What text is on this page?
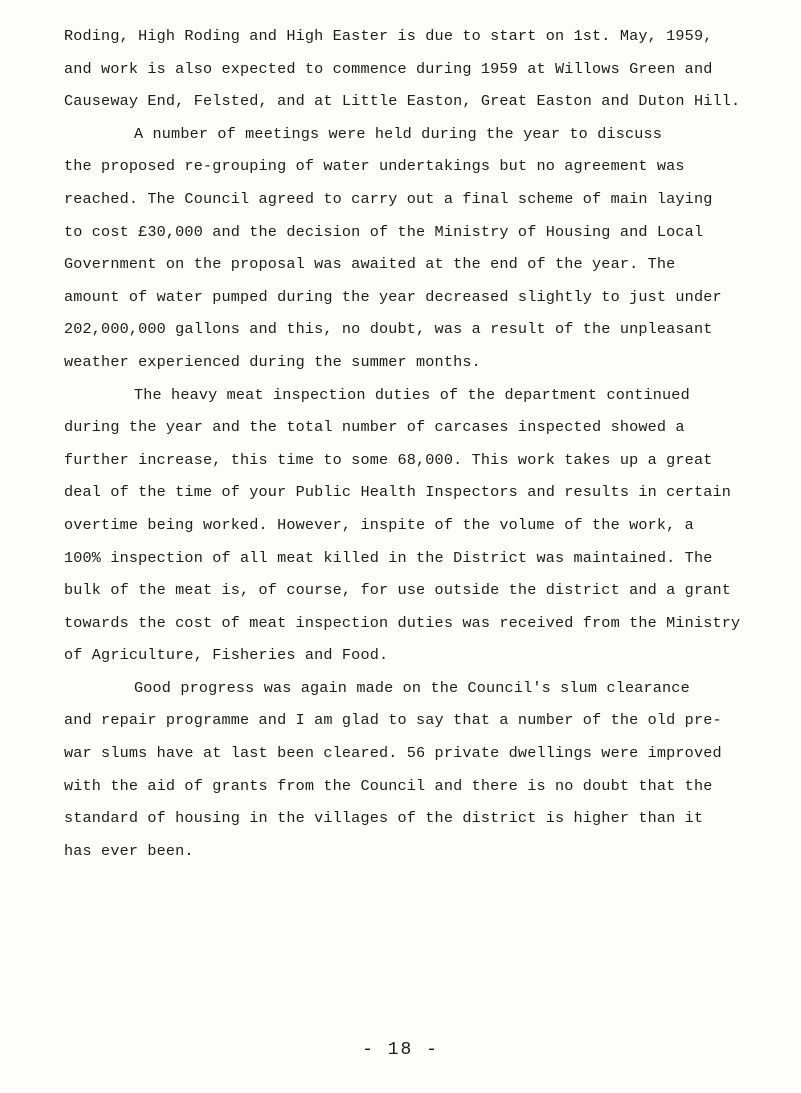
Roding, High Roding and High Easter is due to start on 1st. May, 1959,
and work is also expected to commence during 1959 at Willows Green and
Causeway End, Felsted, and at Little Easton, Great Easton and Duton Hill.
A number of meetings were held during the year to discuss
the proposed re-grouping of water undertakings but no agreement was
reached. The Council agreed to carry out a final scheme of main laying
to cost £30,000 and the decision of the Ministry of Housing and Local
Government on the proposal was awaited at the end of the year. The
amount of water pumped during the year decreased slightly to just under
202,000,000 gallons and this, no doubt, was a result of the unpleasant
weather experienced during the summer months.
The heavy meat inspection duties of the department continued
during the year and the total number of carcases inspected showed a
further increase, this time to some 68,000. This work takes up a great
deal of the time of your Public Health Inspectors and results in certain
overtime being worked. However, inspite of the volume of the work, a
100% inspection of all meat killed in the District was maintained. The
bulk of the meat is, of course, for use outside the district and a grant
towards the cost of meat inspection duties was received from the Ministry
of Agriculture, Fisheries and Food.
Good progress was again made on the Council's slum clearance
and repair programme and I am glad to say that a number of the old pre-
war slums have at last been cleared. 56 private dwellings were improved
with the aid of grants from the Council and there is no doubt that the
standard of housing in the villages of the district is higher than it
has ever been.
- 18 -
